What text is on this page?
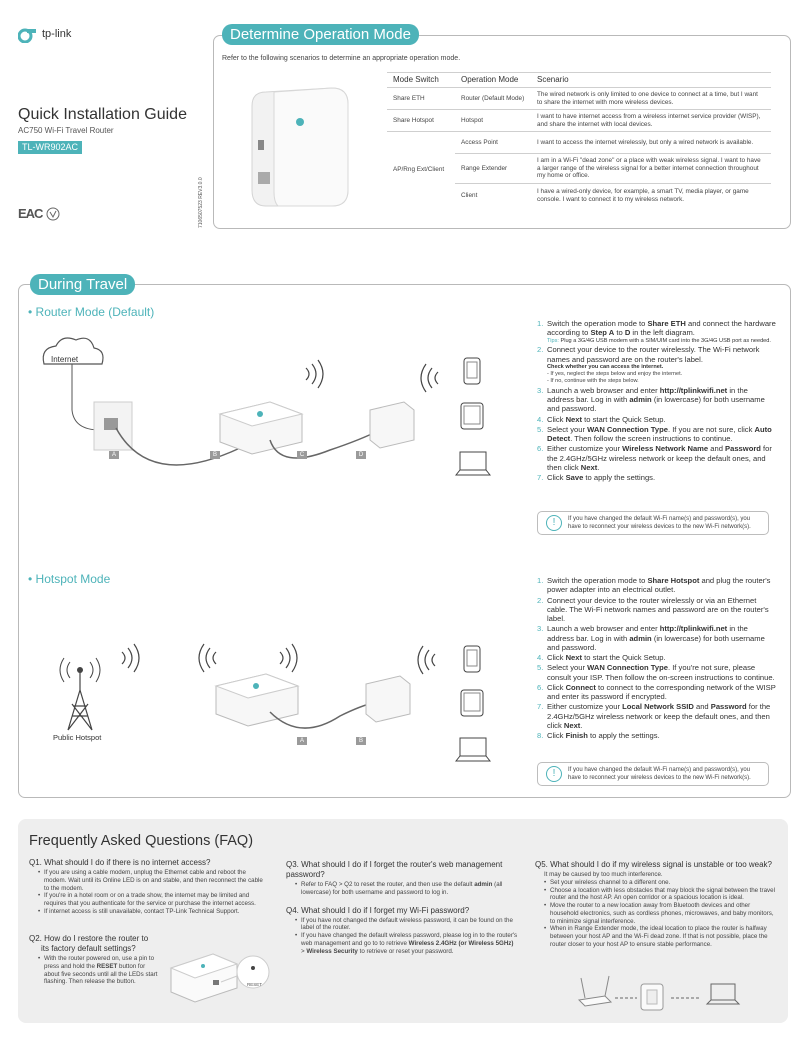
tp-link
Quick Installation Guide
AC750 Wi-Fi Travel Router
TL-WR902AC
EAC
Determine Operation Mode
Refer to the following scenarios to determine an appropriate operation mode.
7106507523 REV3.0.0
Mode Switch	Operation Mode	Scenario
Share ETH	Router (Default Mode)	The wired network is only limited to one device to connect at a time, but I want to share the internet with more wireless devices.
Share Hotspot	Hotspot	I want to have internet access from a wireless internet service provider (WISP), and share the internet with local devices.
AP/Rng Ext/Client	Access Point	I want to access the internet wirelessly, but only a wired network is available.
	Range Extender	I am in a Wi-Fi "dead zone" or a place with weak wireless signal. I want to have a larger range of the wireless signal for a better internet connection throughout my home or office.
	Client	I have a wired-only device, for example, a smart TV, media player, or game console. I want to connect it to my wireless network.
During Travel
• Router Mode (Default)
Internet
A	B	C	D
1. Switch the operation mode to Share ETH and connect the hardware according to Step A to D in the left diagram.
Tips: Plug a 3G/4G USB modem with a SIM/UIM card into the 3G/4G USB port as needed.
2. Connect your device to the router wirelessly. The Wi-Fi network names and password are on the router's label.
Check whether you can access the internet.
- If yes, neglect the steps below and enjoy the internet.
- If no, continue with the steps below.
3. Launch a web browser and enter http://tplinkwifi.net in the address bar. Log in with admin (in lowercase) for both username and password.
4. Click Next to start the Quick Setup.
5. Select your WAN Connection Type. If you are not sure, click Auto Detect. Then follow the screen instructions to continue.
6. Either customize your Wireless Network Name and Password for the 2.4GHz/5GHz wireless network or keep the default ones, and then click Next.
7. Click Save to apply the settings.
!	If you have changed the default Wi-Fi name(s) and password(s), you have to reconnect your wireless devices to the new Wi-Fi network(s).
• Hotspot Mode
Public Hotspot	A	B
1. Switch the operation mode to Share Hotspot and plug the router's power adapter into an electrical outlet.
2. Connect your device to the router wirelessly or via an Ethernet cable. The Wi-Fi network names and password are on the router's label.
3. Launch a web browser and enter http://tplinkwifi.net in the address bar. Log in with admin (in lowercase) for both username and password.
4. Click Next to start the Quick Setup.
5. Select your WAN Connection Type. If you're not sure, please consult your ISP. Then follow the on-screen instructions to continue.
6. Click Connect to connect to the corresponding network of the WISP and enter its password if encrypted.
7. Either customize your Local Network SSID and Password for the 2.4GHz/5GHz wireless network or keep the default ones, and then click Next.
8. Click Finish to apply the settings.
!	If you have changed the default Wi-Fi name(s) and password(s), you have to reconnect your wireless devices to the new Wi-Fi network(s).
Frequently Asked Questions (FAQ)
Q1. What should I do if there is no internet access?
• If you are using a cable modem, unplug the Ethernet cable and reboot the modem. Wait until its Online LED is on and stable, and then reconnect the cable to the modem.
• If you're in a hotel room or on a trade show, the internet may be limited and requires that you authenticate for the service or purchase the internet access.
• If internet access is still unavailable, contact TP-Link Technical Support.
Q2. How do I restore the router to
its factory default settings?
• With the router powered on, use a pin to press and hold the RESET button for about five seconds until all the LEDs start flashing. Then release the button.	RESET
Q3. What should I do if I forget the router's web management password?
• Refer to FAQ > Q2 to reset the router, and then use the default admin (all lowercase) for both username and password to log in.
Q4. What should I do if I forget my Wi-Fi password?
• If you have not changed the default wireless password, it can be found on the label of the router.
• If you have changed the default wireless password, please log in to the router's web management and go to to retrieve Wireless 2.4GHz (or Wireless 5GHz) > Wireless Security to retrieve or reset your password.
Q5. What should I do if my wireless signal is unstable or too weak?
It may be caused by too much interference.
• Set your wireless channel to a different one.
• Choose a location with less obstacles that may block the signal between the travel router and the host AP. An open corridor or a spacious location is ideal.
• Move the router to a new location away from Bluetooth devices and other household electronics, such as cordless phones, microwaves, and baby monitors, to minimize signal interference.
• When in Range Extender mode, the ideal location to place the router is halfway between your host AP and the Wi-Fi dead zone. If that is not possible, place the router closer to your host AP to ensure stable performance.
